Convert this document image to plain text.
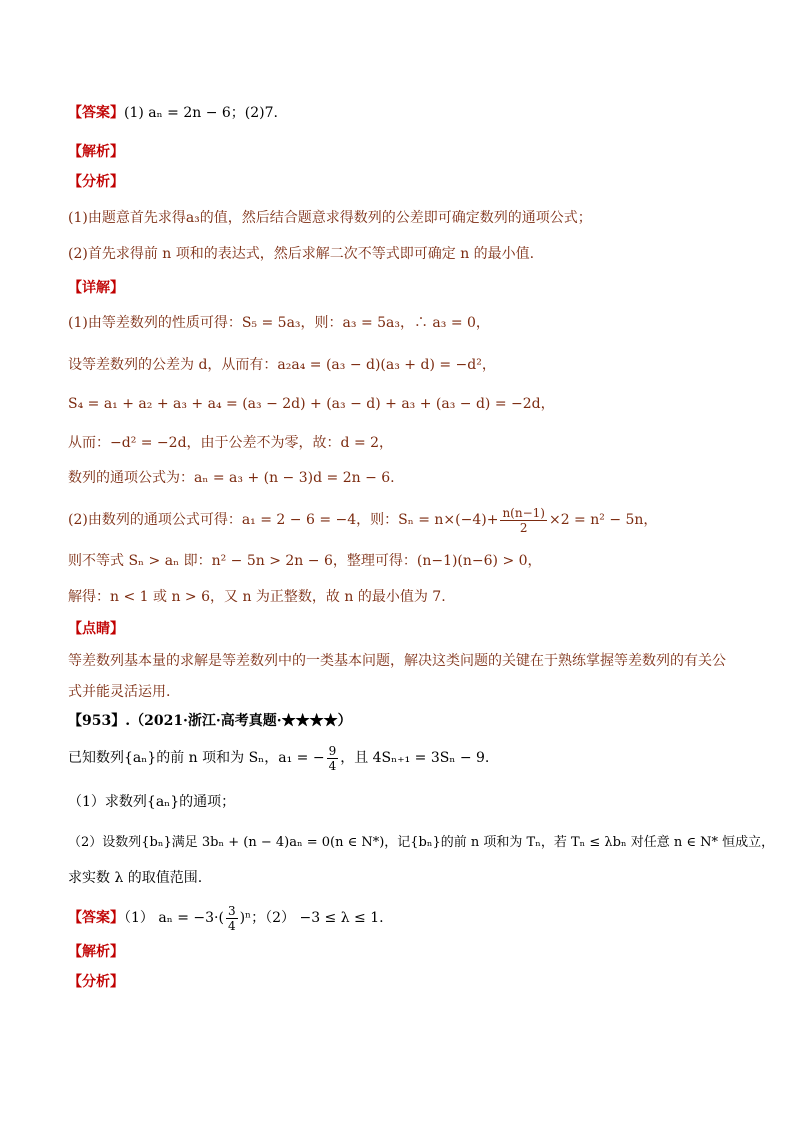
【答案】(1) aₙ = 2n − 6；(2)7.
【解析】
【分析】
(1)由题意首先求得a₃的值，然后结合题意求得数列的公差即可确定数列的通项公式；
(2)首先求得前 n 项和的表达式，然后求解二次不等式即可确定 n 的最小值.
【详解】
(1)由等差数列的性质可得：S₅ = 5a₃，则：a₃ = 5a₃，∴ a₃ = 0，
设等差数列的公差为 d，从而有：a₂a₄ = (a₃ − d)(a₃ + d) = −d²，
S₄ = a₁ + a₂ + a₃ + a₄ = (a₃ − 2d) + (a₃ − d) + a₃ + (a₃ − d) = −2d，
从而：−d² = −2d，由于公差不为零，故：d = 2，
数列的通项公式为：aₙ = a₃ + (n − 3)d = 2n − 6.
(2)由数列的通项公式可得：a₁ = 2 − 6 = −4，则：$S_n = n\times(-4)+ \frac{n(n-1)}{2} \times 2 = n^2 - 5n$，
则不等式 Sₙ > aₙ 即：n² − 5n > 2n − 6，整理可得：(n−1)(n−6) > 0，
解得：n < 1 或 n > 6，又 n 为正整数，故 n 的最小值为 7.
【点睛】
等差数列基本量的求解是等差数列中的一类基本问题，解决这类问题的关键在于熟练掌握等差数列的有关公
式并能灵活运用.
【953】.（2021·浙江·高考真题·★★★★）
已知数列{aₙ}的前 n 项和为 Sₙ，a₁ = − $\frac{9}{4}$ ，且 4Sₙ₊₁ = 3Sₙ − 9.
（1）求数列{aₙ}的通项；
（2）设数列{bₙ}满足 3bₙ + (n − 4)aₙ = 0(n ∈ N*)，记{bₙ}的前 n 项和为 Tₙ，若 Tₙ ≤ λbₙ 对任意 n ∈ N* 恒成立，
求实数 λ 的取值范围.
【答案】（1） $a_n = -3\cdot( \frac{3}{4} )^n$；（2） −3 ≤ λ ≤ 1.
【解析】
【分析】
